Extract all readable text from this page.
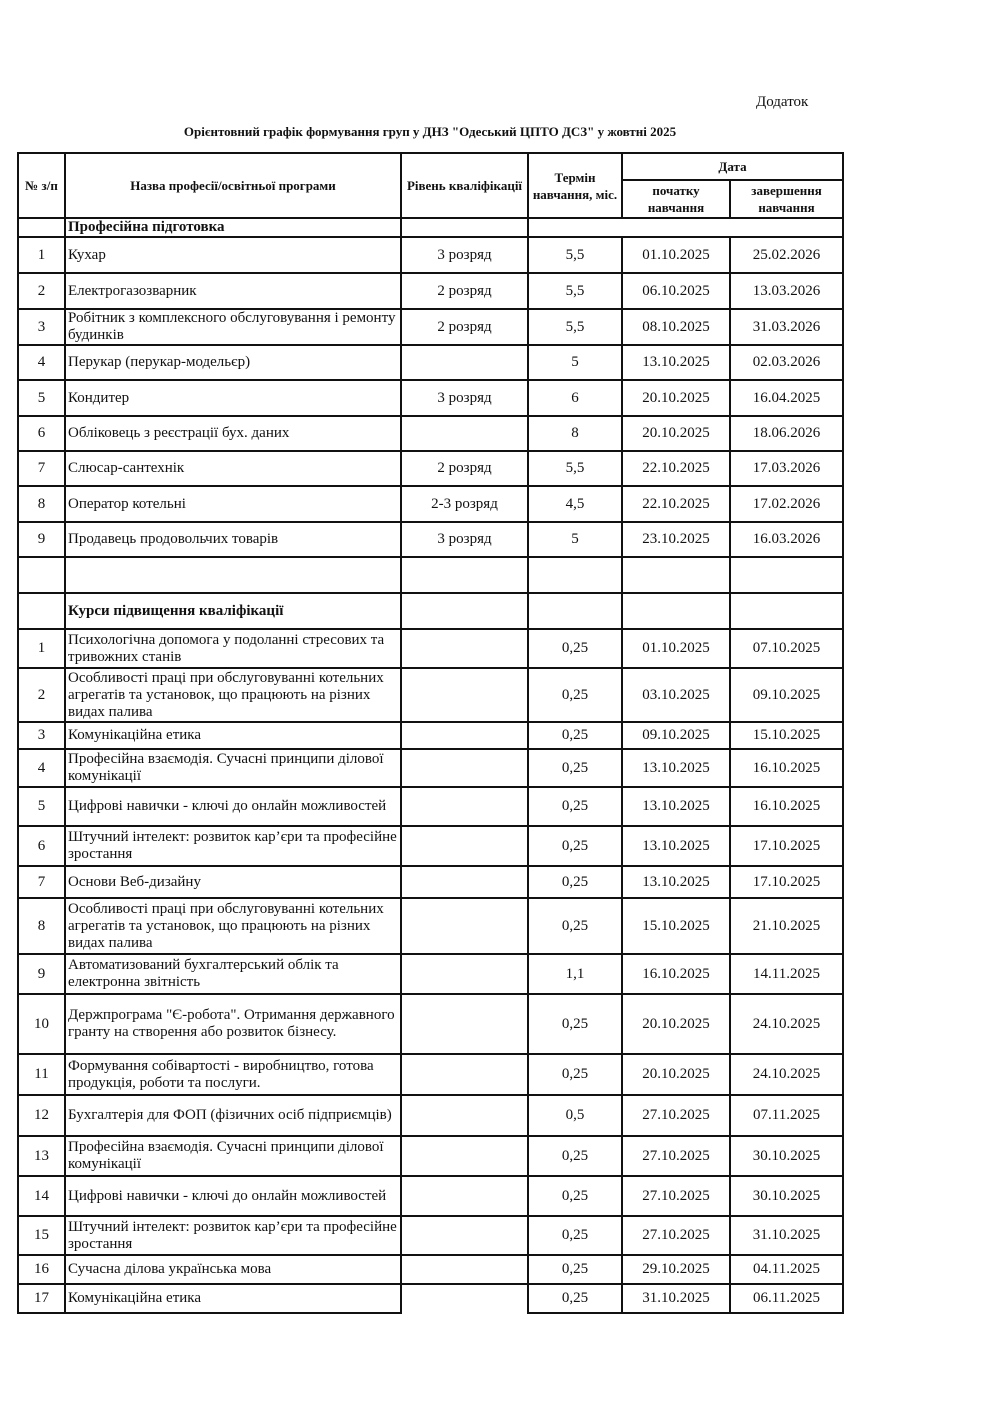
Додаток
Орієнтовний графік формування груп у ДНЗ "Одеський ЦПТО ДСЗ" у жовтні 2025
№ з/п	Назва професії/освітньої програми	Рівень кваліфікації	Термін навчання, міс.	Дата	
				початку навчання	завершення навчання
	Професійна підготовка				
1	Кухар	3 розряд	5,5	01.10.2025	25.02.2026
2	Електрогазозварник	2 розряд	5,5	06.10.2025	13.03.2026
3	Робітник з комплексного обслуговування і ремонту будинків	2 розряд	5,5	08.10.2025	31.03.2026
4	Перукар (перукар-модельєр)		5	13.10.2025	02.03.2026
5	Кондитер	3 розряд	6	20.10.2025	16.04.2025
6	Обліковець з реєстрації бух. даних		8	20.10.2025	18.06.2026
7	Слюсар-сантехнік	2 розряд	5,5	22.10.2025	17.03.2026
8	Оператор котельні	2-3 розряд	4,5	22.10.2025	17.02.2026
9	Продавець продовольчих товарів	3 розряд	5	23.10.2025	16.03.2026

	Курси підвищення кваліфікації				
1	Психологічна допомога у подоланні стресових та тривожних станів		0,25	01.10.2025	07.10.2025
2	Особливості праці при обслуговуванні котельних агрегатів та установок, що працюють на різних видах палива		0,25	03.10.2025	09.10.2025
3	Комунікаційна етика		0,25	09.10.2025	15.10.2025
4	Професійна взаємодія. Сучасні принципи ділової комунікації		0,25	13.10.2025	16.10.2025
5	Цифрові навички - ключі до онлайн можливостей		0,25	13.10.2025	16.10.2025
6	Штучний інтелект: розвиток кар’єри та професійне зростання		0,25	13.10.2025	17.10.2025
7	Основи Веб-дизайну		0,25	13.10.2025	17.10.2025
8	Особливості праці при обслуговуванні котельних агрегатів та установок, що працюють на різних видах палива		0,25	15.10.2025	21.10.2025
9	Автоматизований бухгалтерський облік та електронна звітність		1,1	16.10.2025	14.11.2025
10	Держпрограма "Є-робота". Отримання державного гранту на створення або розвиток бізнесу.		0,25	20.10.2025	24.10.2025
11	Формування собівартості - виробництво, готова продукція, роботи та послуги.		0,25	20.10.2025	24.10.2025
12	Бухгалтерія для ФОП (фізичних осіб підприємців)		0,5	27.10.2025	07.11.2025
13	Професійна взаємодія. Сучасні принципи ділової комунікації		0,25	27.10.2025	30.10.2025
14	Цифрові навички - ключі до онлайн можливостей		0,25	27.10.2025	30.10.2025
15	Штучний інтелект: розвиток кар’єри та професійне зростання		0,25	27.10.2025	31.10.2025
16	Сучасна ділова українська мова		0,25	29.10.2025	04.11.2025
17	Комунікаційна етика		0,25	31.10.2025	06.11.2025
